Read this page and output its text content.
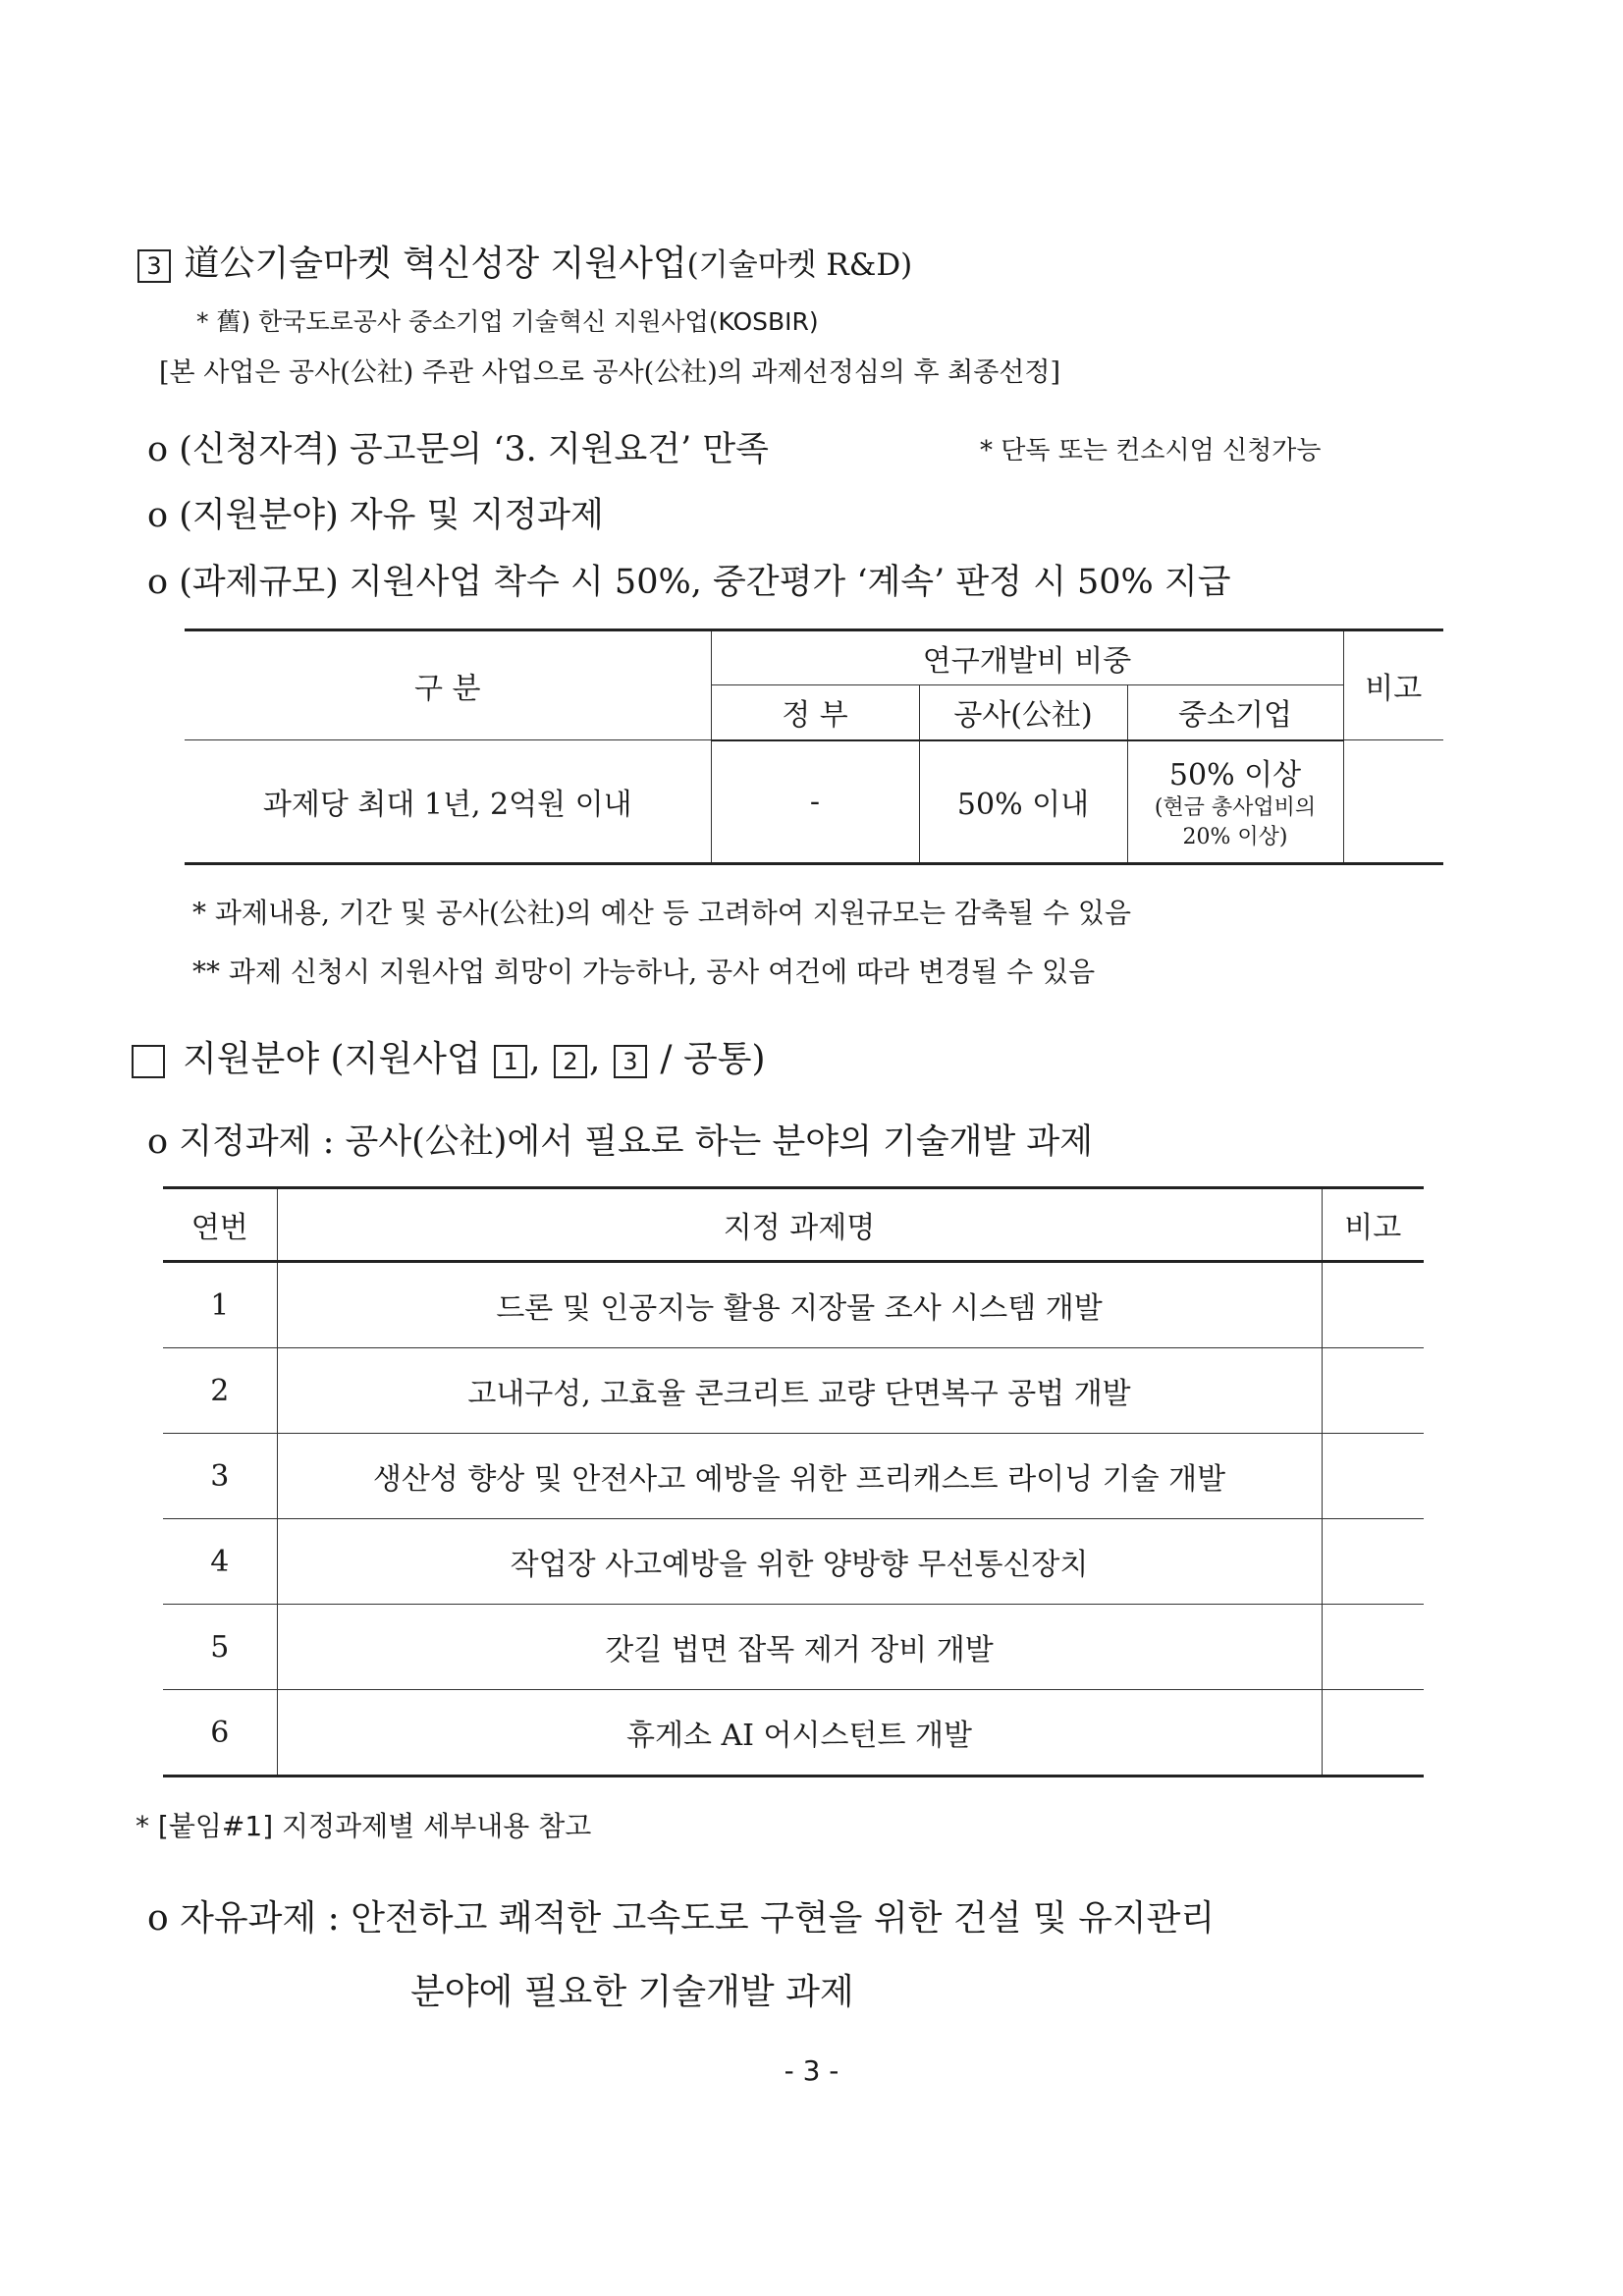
3 道公기술마켓 혁신성장 지원사업(기술마켓 R&D)
* 舊) 한국도로공사 중소기업 기술혁신 지원사업(KOSBIR)
[본 사업은 공사(公社) 주관 사업으로 공사(公社)의 과제선정심의 후 최종선정]
o (신청자격) 공고문의 ‘3. 지원요건’ 만족	* 단독 또는 컨소시엄 신청가능
o (지원분야) 자유 및 지정과제
o (과제규모) 지원사업 착수 시 50%, 중간평가 ‘계속’ 판정 시 50% 지급
구 분	연구개발비 비중			비고
	정 부	공사(公社)	중소기업	
과제당 최대 1년, 2억원 이내	-	50% 이내	50% 이상
(현금 총사업비의
20% 이상)	

* 과제내용, 기간 및 공사(公社)의 예산 등 고려하여 지원규모는 감축될 수 있음
** 과제 신청시 지원사업 희망이 가능하나, 공사 여건에 따라 변경될 수 있음
지원분야 (지원사업 1 , 2 , 3 / 공통)
o 지정과제 : 공사(公社)에서 필요로 하는 분야의 기술개발 과제
연번	지정 과제명	비고
1	드론 및 인공지능 활용 지장물 조사 시스템 개발	
2	고내구성, 고효율 콘크리트 교량 단면복구 공법 개발	
3	생산성 향상 및 안전사고 예방을 위한 프리캐스트 라이닝 기술 개발	
4	작업장 사고예방을 위한 양방향 무선통신장치	
5	갓길 법면 잡목 제거 장비 개발	
6	휴게소 AI 어시스턴트 개발	
* [붙임#1] 지정과제별 세부내용 참고
o 자유과제 : 안전하고 쾌적한 고속도로 구현을 위한 건설 및 유지관리
분야에 필요한 기술개발 과제
- 3 -
